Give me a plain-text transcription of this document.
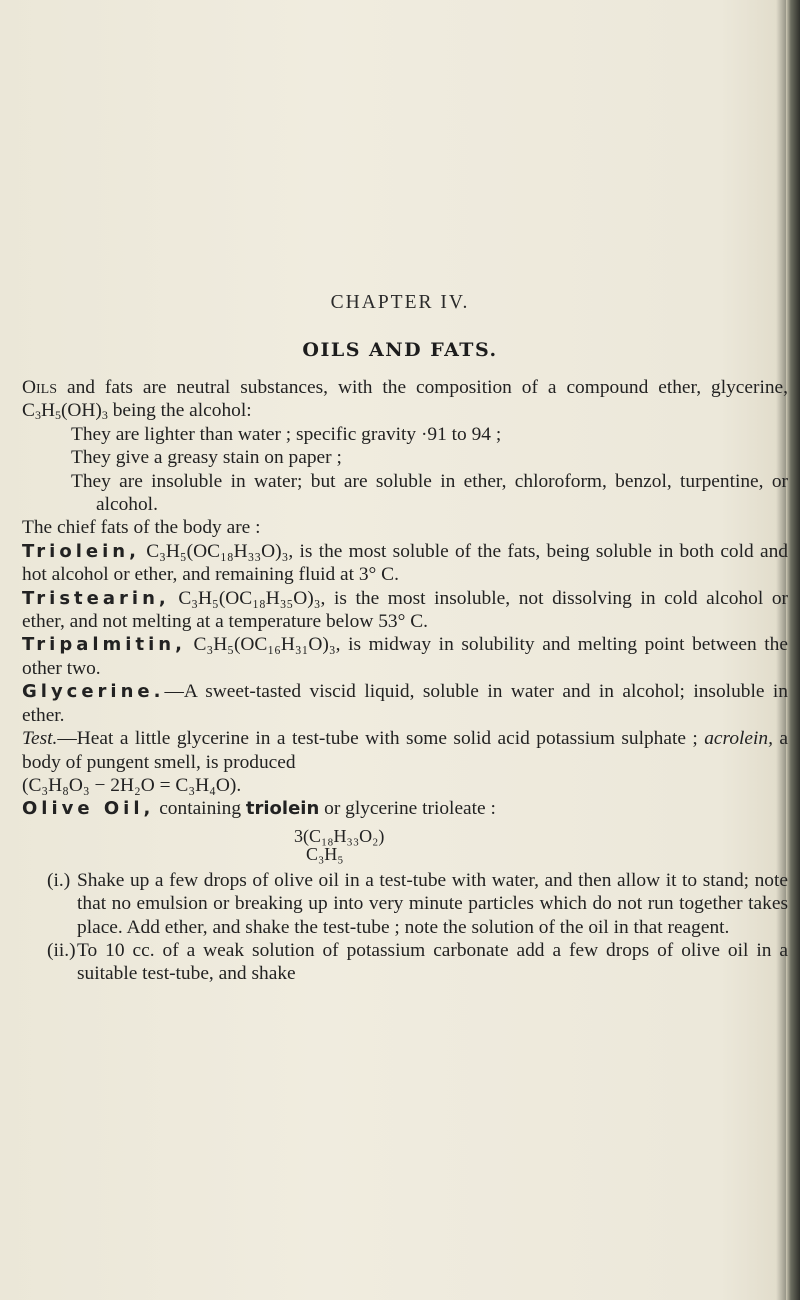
CHAPTER IV.
OILS AND FATS.

Oils and fats are neutral substances, with the composition of a compound ether, glycerine, $C_3H_5(OH)_3$ being the alcohol:

They are lighter than water ; specific gravity ·91 to 94 ;

They give a greasy stain on paper ;

They are insoluble in water; but are soluble in ether, chloroform, benzol, turpentine, or alcohol.

The chief fats of the body are :

Triolein, C₃H₅(OC₁₈H₃₃O)₃, is the most soluble of the fats, being soluble in both cold and hot alcohol or ether, and remaining fluid at 3° C.

Tristearin, C₃H₅(OC₁₈H₃₅O)₃, is the most insoluble, not dissolving in cold alcohol or ether, and not melting at a temperature below 53° C.

Tripalmitin, C₃H₅(OC₁₆H₃₁O)₃, is midway in solubility and melting point between the other two.

Glycerine.—A sweet-tasted viscid liquid, soluble in water and in alcohol; insoluble in ether.

Test.—Heat a little glycerine in a test-tube with some solid acid potassium sulphate ; acrolein, a body of pungent smell, is produced
(C₃H₈O₃ − 2H₂O = C₃H₄O).

Olive Oil, containing triolein or glycerine trioleate :

3(C₁₈H₃₃O₂)
C₃H₅
(i.) Shake up a few drops of olive oil in a test-tube with water, and then allow it to stand; note that no emulsion or breaking up into very minute particles which do not run together takes place. Add ether, and shake the test-tube ; note the solution of the oil in that reagent.
(ii.) To 10 cc. of a weak solution of potassium carbonate add a few drops of olive oil in a suitable test-tube, and shake
